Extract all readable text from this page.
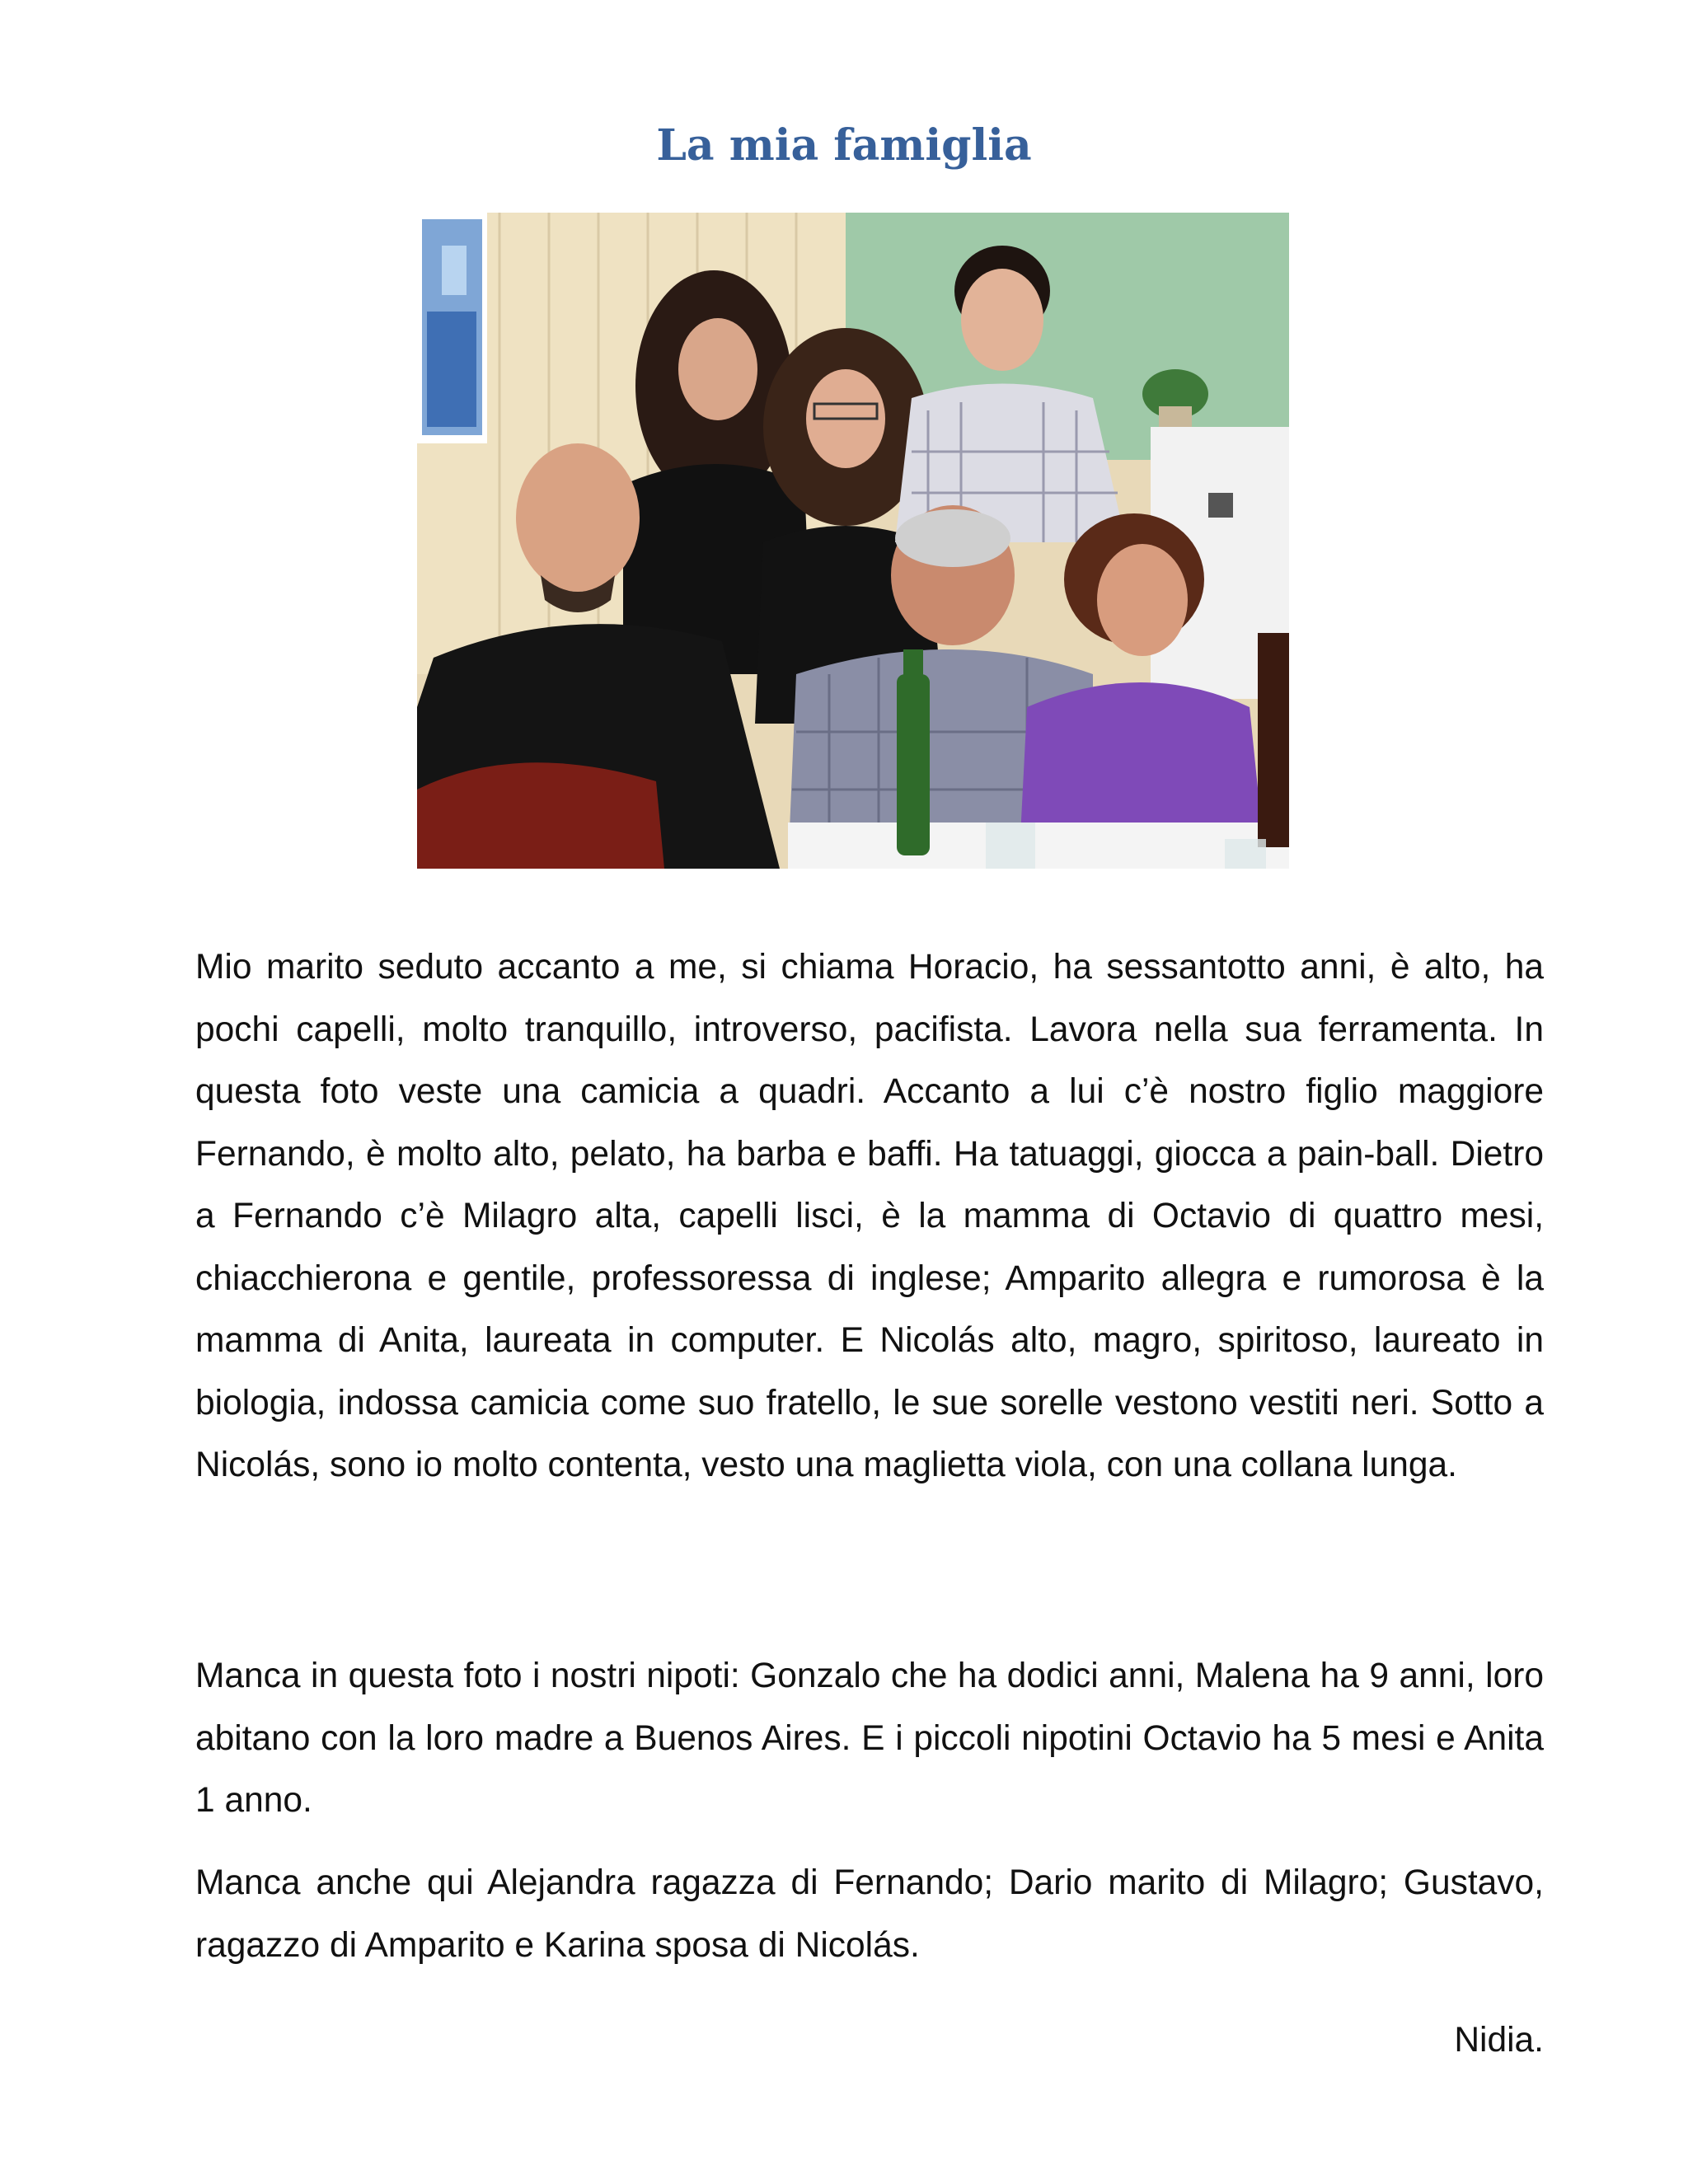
La mia famiglia

Mio marito seduto accanto a me, si chiama Horacio, ha sessantotto anni, è alto, ha pochi capelli, molto tranquillo, introverso, pacifista. Lavora nella sua ferramenta. In questa foto veste una camicia a quadri. Accanto a lui c’è nostro figlio maggiore Fernando, è molto alto, pelato, ha barba e baffi. Ha tatuaggi, giocca a pain-ball. Dietro a Fernando c’è Milagro alta, capelli lisci, è la mamma di Octavio di quattro mesi, chiacchierona e gentile, professoressa di inglese; Amparito allegra e rumorosa è la mamma di Anita, laureata in computer. E Nicolás alto, magro, spiritoso, laureato in biologia, indossa camicia come suo fratello, le sue sorelle vestono vestiti neri. Sotto a Nicolás, sono io molto contenta, vesto una maglietta viola, con una collana lunga.

Manca in questa foto i nostri nipoti: Gonzalo che ha dodici anni, Malena ha 9 anni, loro abitano con la loro madre a Buenos Aires. E i piccoli nipotini Octavio ha 5 mesi e Anita 1 anno.

Manca anche qui Alejandra ragazza di Fernando; Dario marito di Milagro; Gustavo, ragazzo di Amparito e Karina sposa di Nicolás.

Nidia.
